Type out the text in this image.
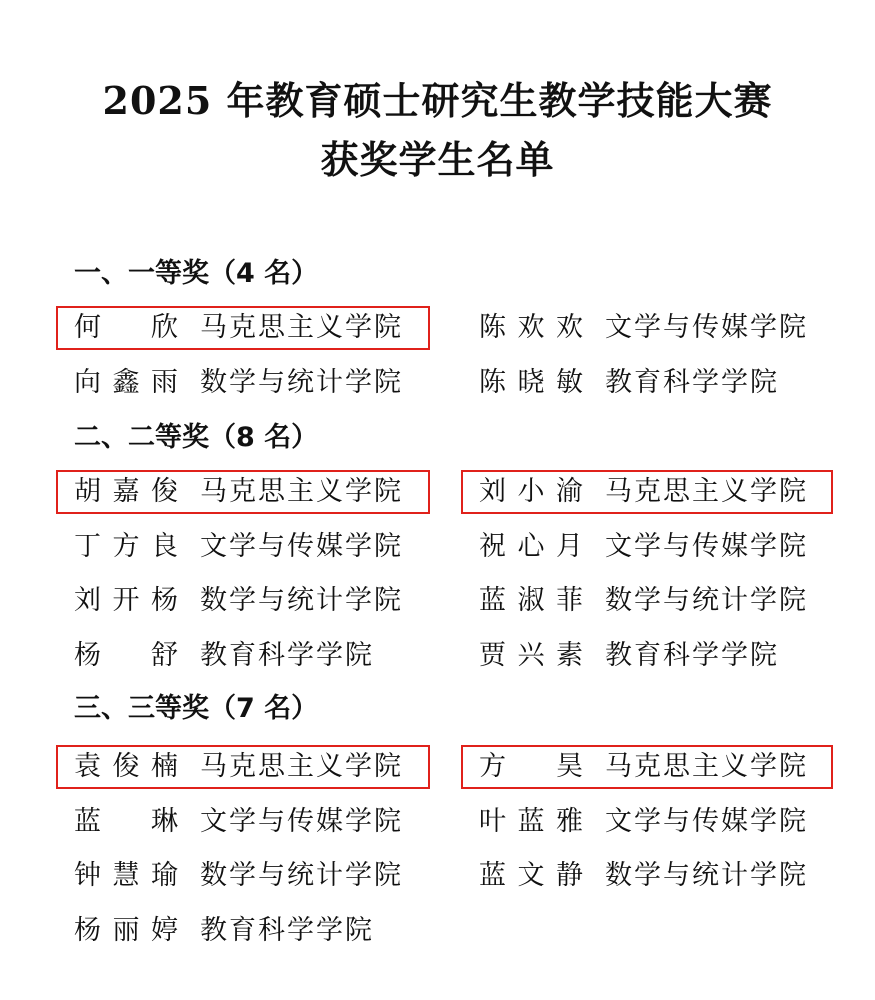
2025 年教育硕士研究生教学技能大赛
获奖学生名单
一、一等奖（4 名）
何 欣 马克思主义学院	陈欢欢 文学与传媒学院
向鑫雨 数学与统计学院	陈晓敏 教育科学学院
二、二等奖（8 名）
胡嘉俊 马克思主义学院	刘小渝 马克思主义学院
丁方良 文学与传媒学院	祝心月 文学与传媒学院
刘开杨 数学与统计学院	蓝淑菲 数学与统计学院
杨 舒 教育科学学院	贾兴素 教育科学学院
三、三等奖（7 名）
袁俊楠 马克思主义学院	方 昊 马克思主义学院
蓝 琳 文学与传媒学院	叶蓝雅 文学与传媒学院
钟慧瑜 数学与统计学院	蓝文静 数学与统计学院
杨丽婷 教育科学学院
